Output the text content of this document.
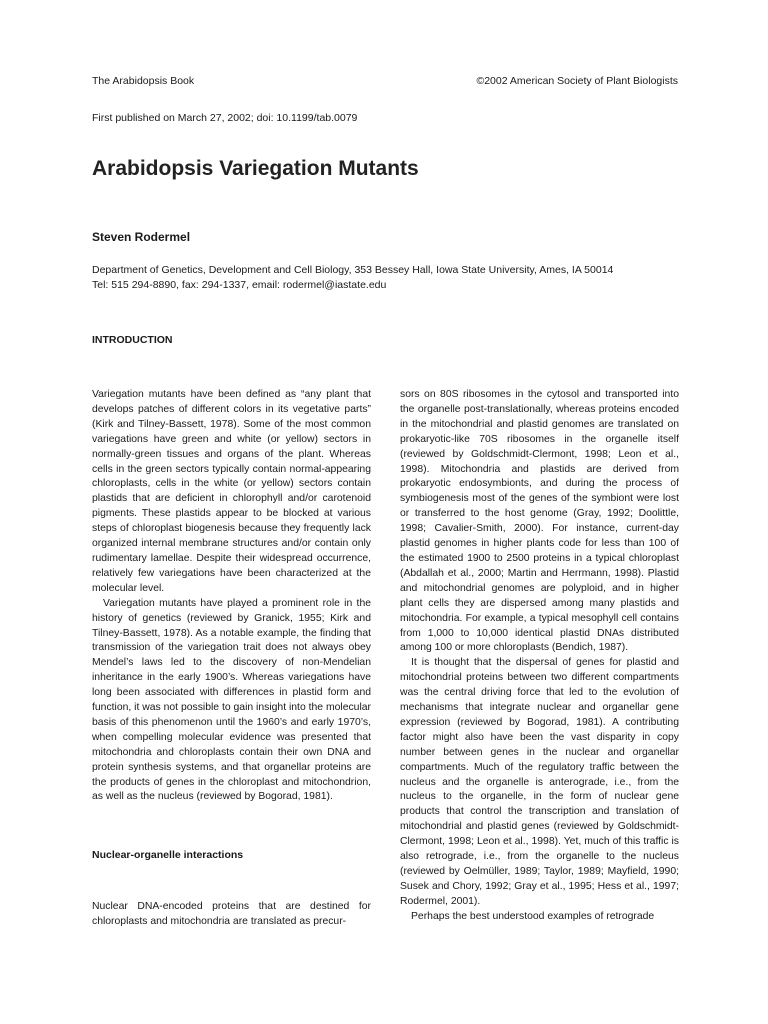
The Arabidopsis Book	©2002 American Society of Plant Biologists
First published on March 27, 2002; doi: 10.1199/tab.0079
Arabidopsis Variegation Mutants
Steven Rodermel
Department of Genetics, Development and Cell Biology, 353 Bessey Hall, Iowa State University, Ames, IA 50014
Tel: 515 294-8890, fax: 294-1337, email: rodermel@iastate.edu
INTRODUCTION

Variegation mutants have been defined as “any plant that develops patches of different colors in its vegetative parts” (Kirk and Tilney-Bassett, 1978). Some of the most common variegations have green and white (or yellow) sectors in normally-green tissues and organs of the plant. Whereas cells in the green sectors typically contain normal-appearing chloroplasts, cells in the white (or yellow) sectors contain plastids that are deficient in chlorophyll and/or carotenoid pigments. These plastids appear to be blocked at various steps of chloroplast biogenesis because they frequently lack organized internal membrane structures and/or contain only rudimentary lamellae. Despite their widespread occurrence, relatively few variegations have been characterized at the molecular level.

Variegation mutants have played a prominent role in the history of genetics (reviewed by Granick, 1955; Kirk and Tilney-Bassett, 1978). As a notable example, the finding that transmission of the variegation trait does not always obey Mendel’s laws led to the discovery of non-Mendelian inheritance in the early 1900’s. Whereas variegations have long been associated with differences in plastid form and function, it was not possible to gain insight into the molecular basis of this phenomenon until the 1960’s and early 1970’s, when compelling molecular evidence was presented that mitochondria and chloroplasts contain their own DNA and protein synthesis systems, and that organellar proteins are the products of genes in the chloroplast and mitochondrion, as well as the nucleus (reviewed by Bogorad, 1981).

Nuclear-organelle interactions

Nuclear DNA-encoded proteins that are destined for chloroplasts and mitochondria are translated as precur-

sors on 80S ribosomes in the cytosol and transported into the organelle post-translationally, whereas proteins encoded in the mitochondrial and plastid genomes are translated on prokaryotic-like 70S ribosomes in the organelle itself (reviewed by Goldschmidt-Clermont, 1998; Leon et al., 1998). Mitochondria and plastids are derived from prokaryotic endosymbionts, and during the process of symbiogenesis most of the genes of the symbiont were lost or transferred to the host genome (Gray, 1992; Doolittle, 1998; Cavalier-Smith, 2000). For instance, current-day plastid genomes in higher plants code for less than 100 of the estimated 1900 to 2500 proteins in a typical chloroplast (Abdallah et al., 2000; Martin and Herrmann, 1998). Plastid and mitochondrial genomes are polyploid, and in higher plant cells they are dispersed among many plastids and mitochondria. For example, a typical mesophyll cell contains from 1,000 to 10,000 identical plastid DNAs distributed among 100 or more chloroplasts (Bendich, 1987).

It is thought that the dispersal of genes for plastid and mitochondrial proteins between two different compartments was the central driving force that led to the evolution of mechanisms that integrate nuclear and organellar gene expression (reviewed by Bogorad, 1981). A contributing factor might also have been the vast disparity in copy number between genes in the nuclear and organellar compartments. Much of the regulatory traffic between the nucleus and the organelle is anterograde, i.e., from the nucleus to the organelle, in the form of nuclear gene products that control the transcription and translation of mitochondrial and plastid genes (reviewed by Goldschmidt-Clermont, 1998; Leon et al., 1998). Yet, much of this traffic is also retrograde, i.e., from the organelle to the nucleus (reviewed by Oelmüller, 1989; Taylor, 1989; Mayfield, 1990; Susek and Chory, 1992; Gray et al., 1995; Hess et al., 1997; Rodermel, 2001).

Perhaps the best understood examples of retrograde
